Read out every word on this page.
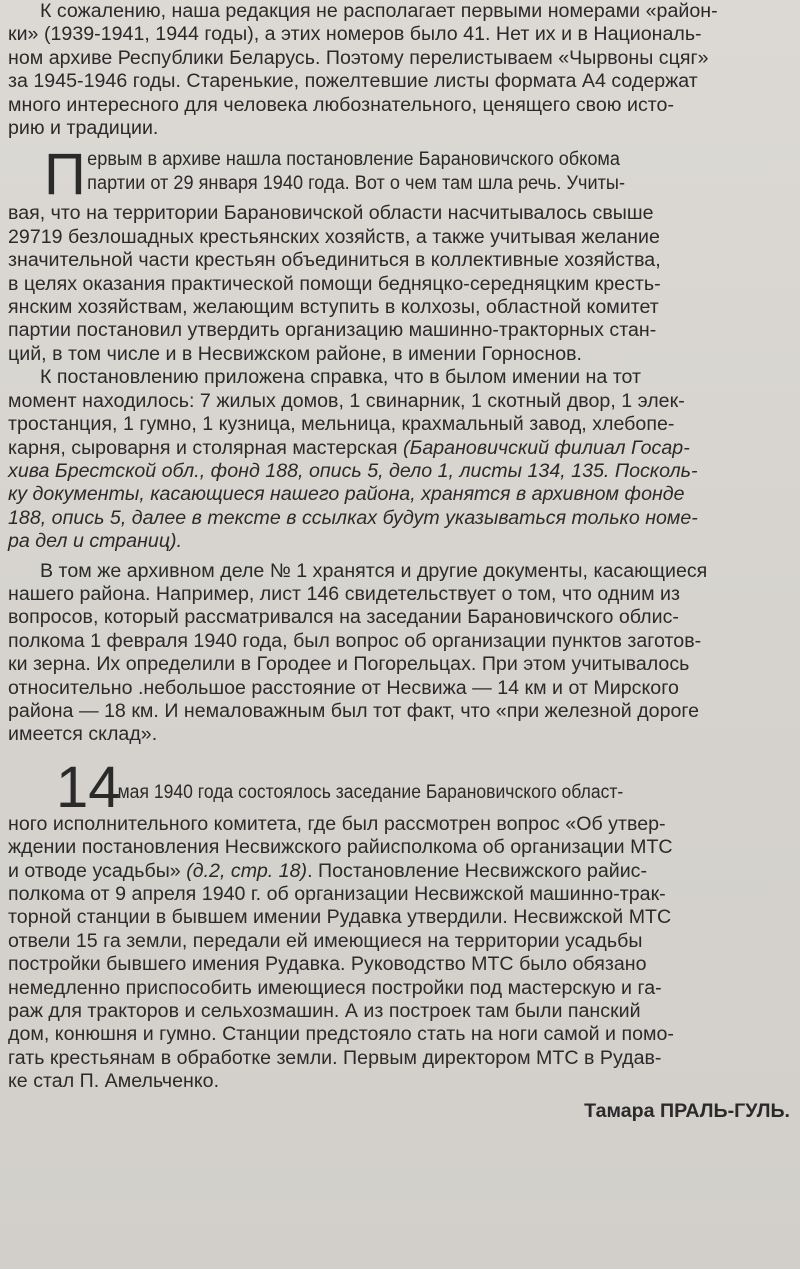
К сожалению, наша редакция не располагает первыми номерами «район-
ки» (1939-1941, 1944 годы), а этих номеров было 41. Нет их и в Националь-
ном архиве Республики Беларусь. Поэтому перелистываем «Чырвоны сцяг»
за 1945-1946 годы. Старенькие, пожелтевшие листы формата А4 содержат
много интересного для человека любознательного, ценящего свою исто-
рию и традиции.
П ервым в архиве нашла постановление Барановичского обкома
партии от 29 января 1940 года. Вот о чем там шла речь. Учиты-
вая, что на территории Барановичской области насчитывалось свыше
29719 безлошадных крестьянских хозяйств, а также учитывая желание
значительной части крестьян объединиться в коллективные хозяйства,
в целях оказания практической помощи бедняцко-середняцким кресть-
янским хозяйствам, желающим вступить в колхозы, областной комитет
партии постановил утвердить организацию машинно-тракторных стан-
ций, в том числе и в Несвижском районе, в имении Горноснов.
К постановлению приложена справка, что в былом имении на тот
момент находилось: 7 жилых домов, 1 свинарник, 1 скотный двор, 1 элек-
тростанция, 1 гумно, 1 кузница, мельница, крахмальный завод, хлебопе-
карня, сыроварня и столярная мастерская (Барановичский филиал Госар-
хива Брестской обл., фонд 188, опись 5, дело 1, листы 134, 135. Посколь-
ку документы, касающиеся нашего района, хранятся в архивном фонде
188, опись 5, далее в тексте в ссылках будут указываться только номе-
ра дел и страниц).
В том же архивном деле № 1 хранятся и другие документы, касающиеся
нашего района. Например, лист 146 свидетельствует о том, что одним из
вопросов, который рассматривался на заседании Барановичского облис-
полкома 1 февраля 1940 года, был вопрос об организации пунктов заготов-
ки зерна. Их определили в Городее и Погорельцах. При этом учитывалось
относительно .небольшое расстояние от Несвижа — 14 км и от Мирского
района — 18 км. И немаловажным был тот факт, что «при железной дороге
имеется склад».
14
мая 1940 года состоялось заседание Барановичского област-
ного исполнительного комитета, где был рассмотрен вопрос «Об утвер-
ждении постановления Несвижского райисполкома об организации МТС
и отводе усадьбы» (д.2, стр. 18). Постановление Несвижского райис-
полкома от 9 апреля 1940 г. об организации Несвижской машинно-трак-
торной станции в бывшем имении Рудавка утвердили. Несвижской МТС
отвели 15 га земли, передали ей имеющиеся на территории усадьбы
постройки бывшего имения Рудавка. Руководство МТС было обязано
немедленно приспособить имеющиеся постройки под мастерскую и га-
раж для тракторов и сельхозмашин. А из построек там были панский
дом, конюшня и гумно. Станции предстояло стать на ноги самой и помо-
гать крестьянам в обработке земли. Первым директором МТС в Рудав-
ке стал П. Амельченко.
Тамара ПРАЛЬ-ГУЛЬ.
